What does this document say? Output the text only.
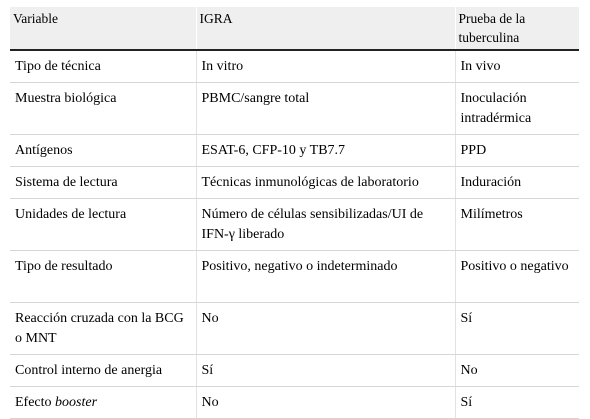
Variable	IGRA	Prueba de la tuberculina
Tipo de técnica	In vitro	In vivo
Muestra biológica	PBMC/sangre total	Inoculación intradérmica
Antígenos	ESAT-6, CFP-10 y TB7.7	PPD
Sistema de lectura	Técnicas inmunológicas de laboratorio	Induración
Unidades de lectura	Número de células sensibilizadas/UI de IFN-γ liberado	Milímetros
Tipo de resultado	Positivo, negativo o indeterminado	Positivo o negativo
Reacción cruzada con la BCG o MNT	No	Sí
Control interno de anergia	Sí	No
Efecto booster	No	Sí
